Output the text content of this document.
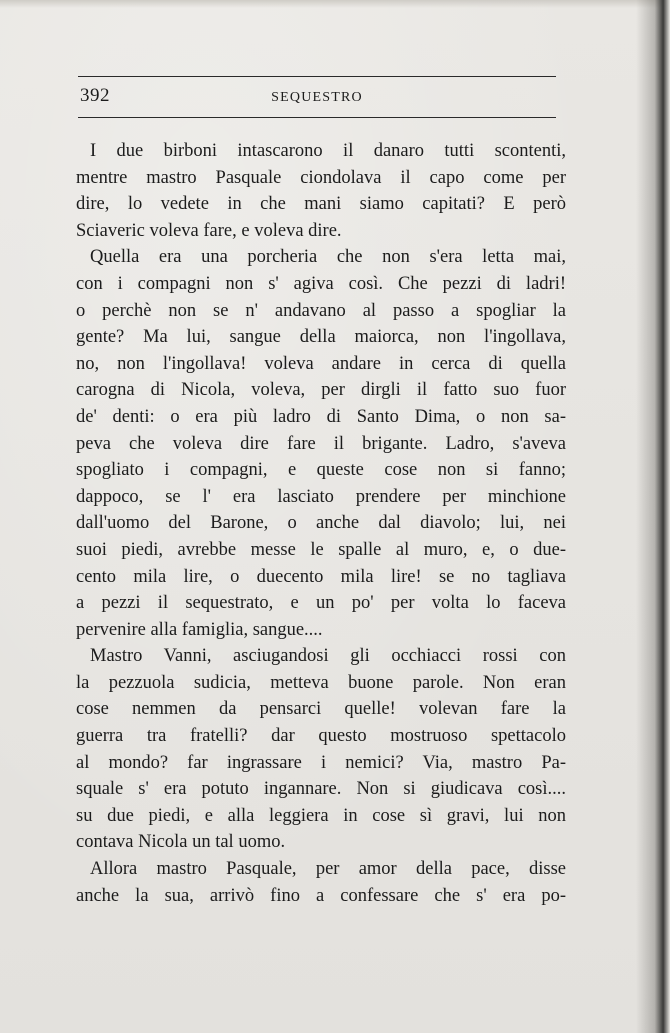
392	SEQUESTRO
I due birboni intascarono il danaro tutti scontenti,
mentre mastro Pasquale ciondolava il capo come per
dire, lo vedete in che mani siamo capitati? E però
Sciaveric voleva fare, e voleva dire.
Quella era una porcheria che non s'era letta mai,
con i compagni non s' agiva così. Che pezzi di ladri!
o perchè non se n' andavano al passo a spogliar la
gente? Ma lui, sangue della maiorca, non l'ingollava,
no, non l'ingollava! voleva andare in cerca di quella
carogna di Nicola, voleva, per dirgli il fatto suo fuor
de' denti: o era più ladro di Santo Dima, o non sa-
peva che voleva dire fare il brigante. Ladro, s'aveva
spogliato i compagni, e queste cose non si fanno;
dappoco, se l' era lasciato prendere per minchione
dall'uomo del Barone, o anche dal diavolo; lui, nei
suoi piedi, avrebbe messe le spalle al muro, e, o due-
cento mila lire, o duecento mila lire! se no tagliava
a pezzi il sequestrato, e un po' per volta lo faceva
pervenire alla famiglia, sangue....
Mastro Vanni, asciugandosi gli occhiacci rossi con
la pezzuola sudicia, metteva buone parole. Non eran
cose nemmen da pensarci quelle! volevan fare la
guerra tra fratelli? dar questo mostruoso spettacolo
al mondo? far ingrassare i nemici? Via, mastro Pa-
squale s' era potuto ingannare. Non si giudicava così....
su due piedi, e alla leggiera in cose sì gravi, lui non
contava Nicola un tal uomo.
Allora mastro Pasquale, per amor della pace, disse
anche la sua, arrivò fino a confessare che s' era po-
